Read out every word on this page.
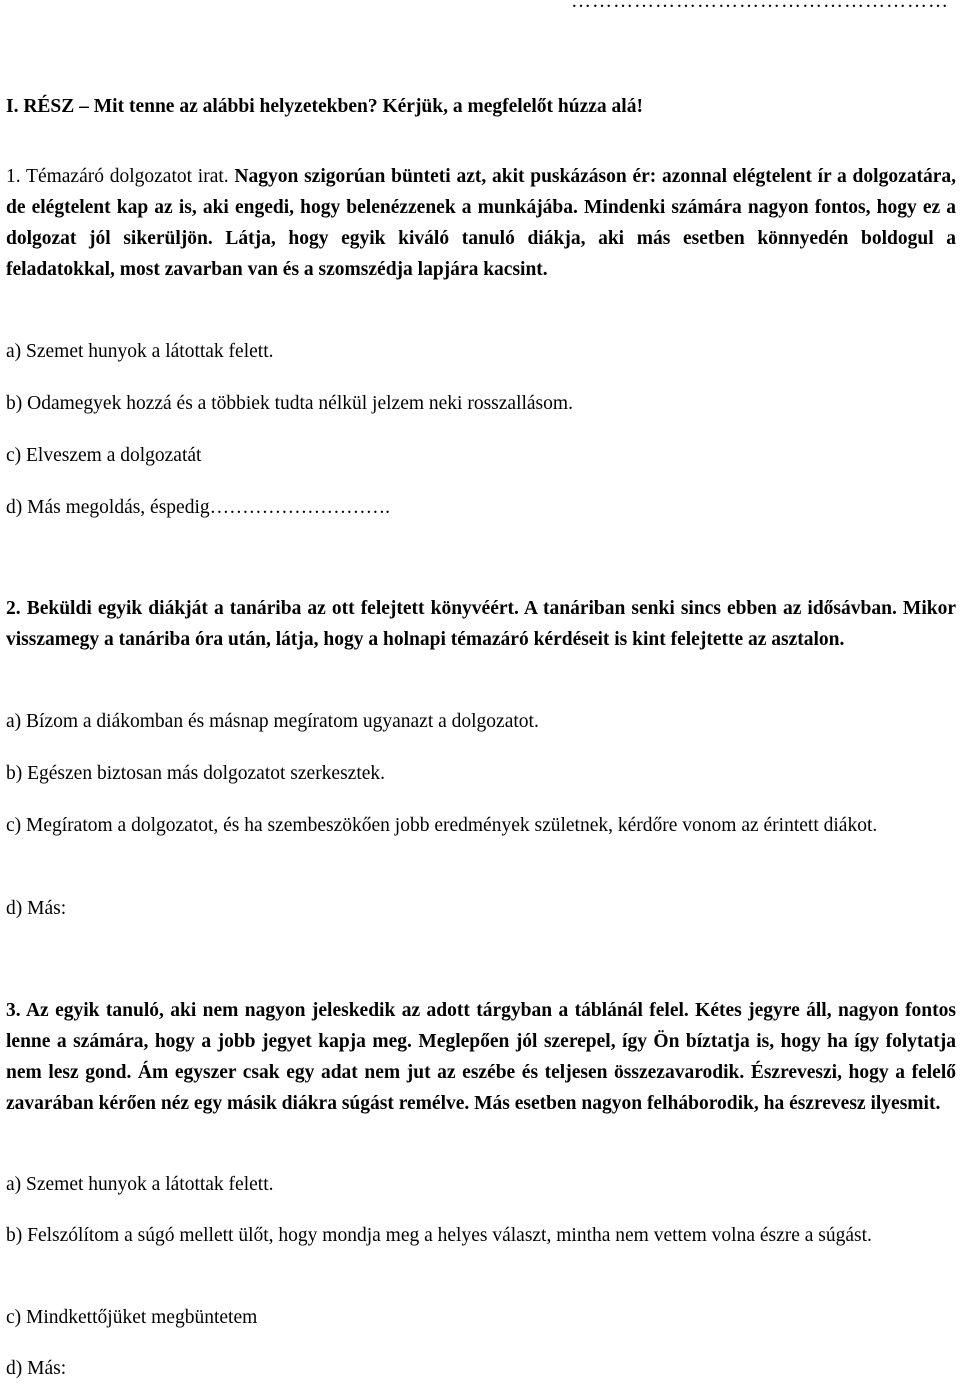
………………………………………………
I. RÉSZ – Mit tenne az alábbi helyzetekben? Kérjük, a megfelelőt húzza alá!
1. Témazáró dolgozatot irat. Nagyon szigorúan bünteti azt, akit puskázáson ér: azonnal elégtelent ír a dolgozatára, de elégtelent kap az is, aki engedi, hogy belenézzenek a munkájába. Mindenki számára nagyon fontos, hogy ez a dolgozat jól sikerüljön. Látja, hogy egyik kiváló tanuló diákja, aki más esetben könnyedén boldogul a feladatokkal, most zavarban van és a szomszédja lapjára kacsint.
a) Szemet hunyok a látottak felett.
b) Odamegyek hozzá és a többiek tudta nélkül jelzem neki rosszallásom.
c) Elveszem a dolgozatát
d) Más megoldás, éspedig……………………….
2. Beküldi egyik diákját a tanáriba az ott felejtett könyvéért. A tanáriban senki sincs ebben az idősávban. Mikor visszamegy a tanáriba óra után, látja, hogy a holnapi témazáró kérdéseit is kint felejtette az asztalon.
a) Bízom a diákomban és másnap megíratom ugyanazt a dolgozatot.
b) Egészen biztosan más dolgozatot szerkesztek.
c) Megíratom a dolgozatot, és ha szembeszökően jobb eredmények születnek, kérdőre vonom az érintett diákot.
d) Más:
3. Az egyik tanuló, aki nem nagyon jeleskedik az adott tárgyban a táblánál felel. Kétes jegyre áll, nagyon fontos lenne a számára, hogy a jobb jegyet kapja meg. Meglepően jól szerepel, így Ön bíztatja is, hogy ha így folytatja nem lesz gond. Ám egyszer csak egy adat nem jut az eszébe és teljesen összezavarodik. Észreveszi, hogy a felelő zavarában kérően néz egy másik diákra súgást remélve. Más esetben nagyon felháborodik, ha észrevesz ilyesmit.
a) Szemet hunyok a látottak felett.
b) Felszólítom a súgó mellett ülőt, hogy mondja meg a helyes választ, mintha nem vettem volna észre a súgást.
c) Mindkettőjüket megbüntetem
d) Más:
